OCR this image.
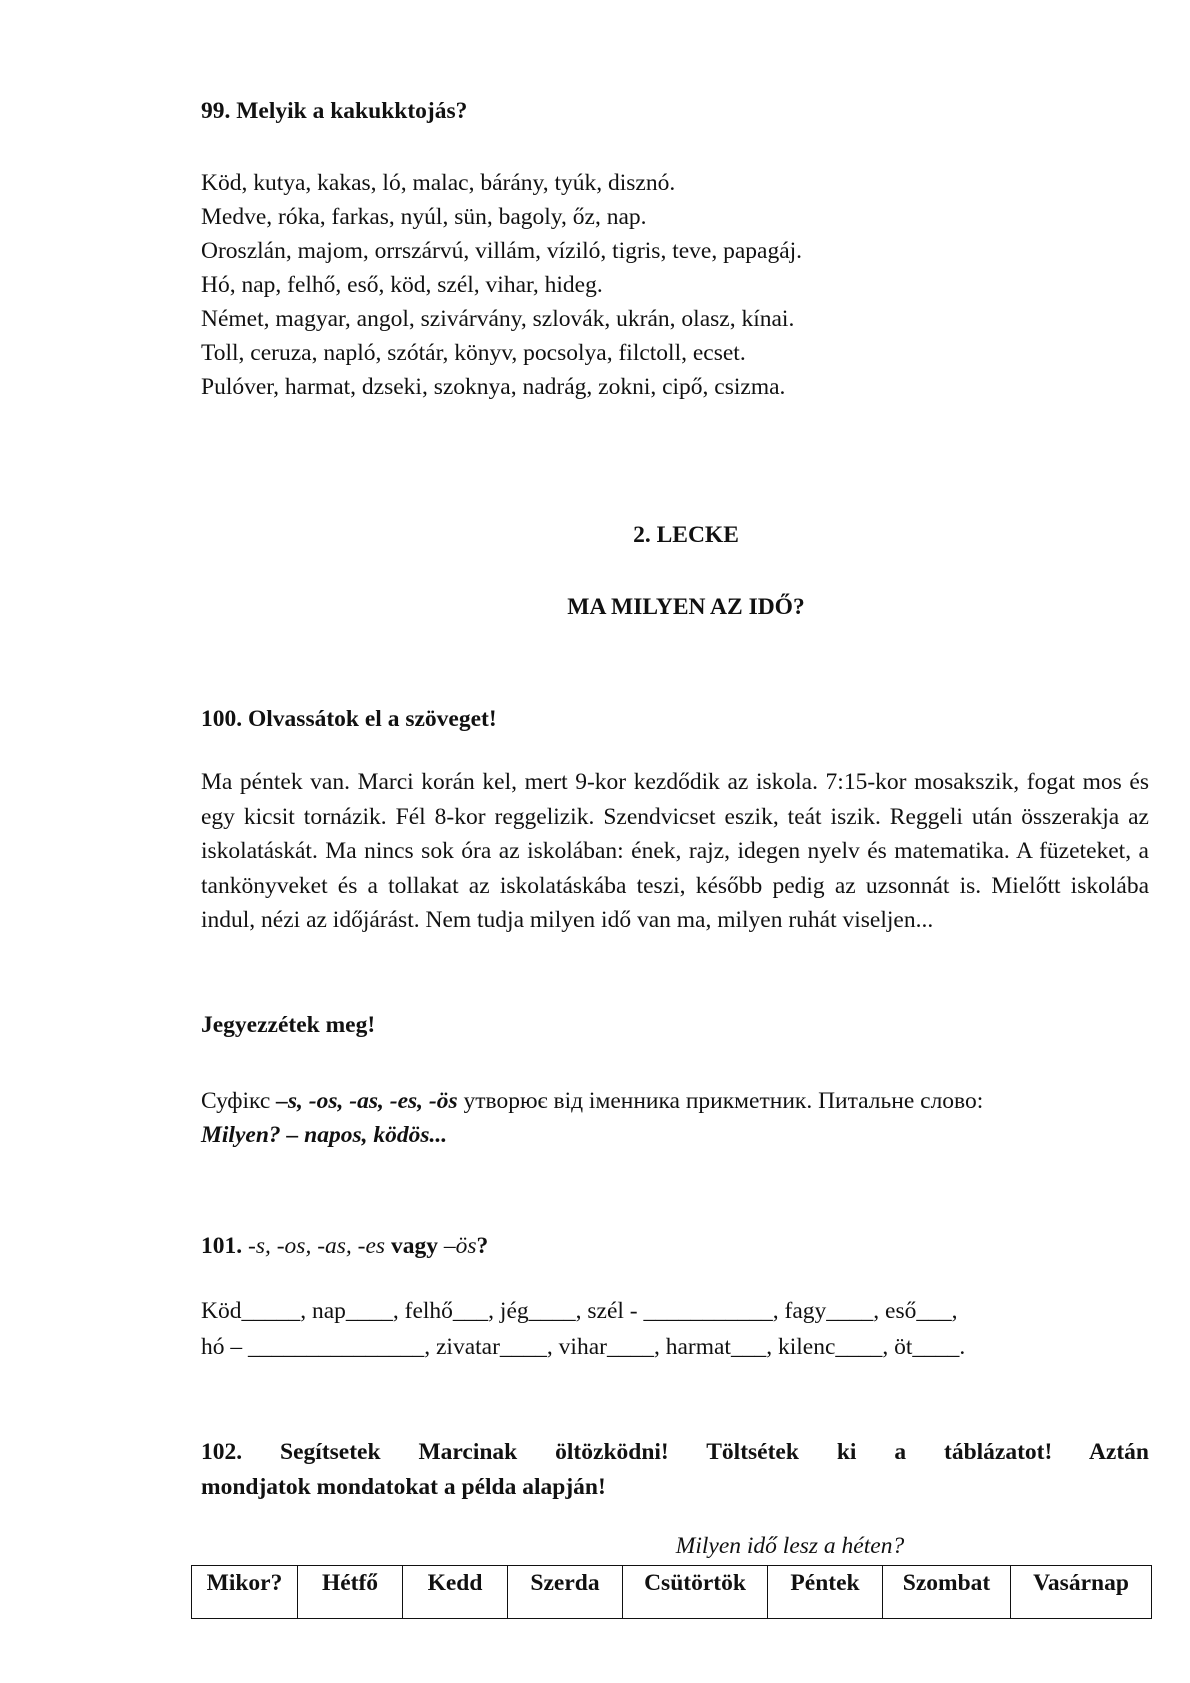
99. Melyik a kakukktojás?
Köd, kutya, kakas, ló, malac, bárány, tyúk, disznó.
Medve, róka, farkas, nyúl, sün, bagoly, őz, nap.
Oroszlán, majom, orrszárvú, villám, víziló, tigris, teve, papagáj.
Hó, nap, felhő, eső, köd, szél, vihar, hideg.
Német, magyar, angol, szivárvány, szlovák, ukrán, olasz, kínai.
Toll, ceruza, napló, szótár, könyv, pocsolya, filctoll, ecset.
Pulóver, harmat, dzseki, szoknya, nadrág, zokni, cipő, csizma.
2. LECKE
MA MILYEN AZ IDŐ?
100. Olvassátok el a szöveget!
Ma péntek van. Marci korán kel, mert 9-kor kezdődik az iskola. 7:15-kor mosakszik, fogat mos és egy kicsit tornázik. Fél 8-kor reggelizik. Szendvicset eszik, teát iszik. Reggeli után összerakja az iskolatáskát. Ma nincs sok óra az iskolában: ének, rajz, idegen nyelv és matematika. A füzeteket, a tankönyveket és a tollakat az iskolatáskába teszi, később pedig az uzsonnát is. Mielőtt iskolába indul, nézi az időjárást. Nem tudja milyen idő van ma, milyen ruhát viseljen...
Jegyezzétek meg!
Суфікс –s, -os, -as, -es, -ös утворює від іменника прикметник. Питальне слово:
Milyen? – napos, ködös...
101. -s, -os, -as, -es vagy –ös?
Köd_____, nap____, felhő___, jég____, szél - ___________, fagy____, eső___,
hó – _______________, zivatar____, vihar____, harmat___, kilenc____, öt____.
102. Segítsetek Marcinak öltözködni! Töltsétek ki a táblázatot! Aztán
mondjatok mondatokat a példa alapján!
Milyen idő lesz a héten?
Mikor?	Hétfő	Kedd	Szerda	Csütörtök	Péntek	Szombat	Vasárnap
